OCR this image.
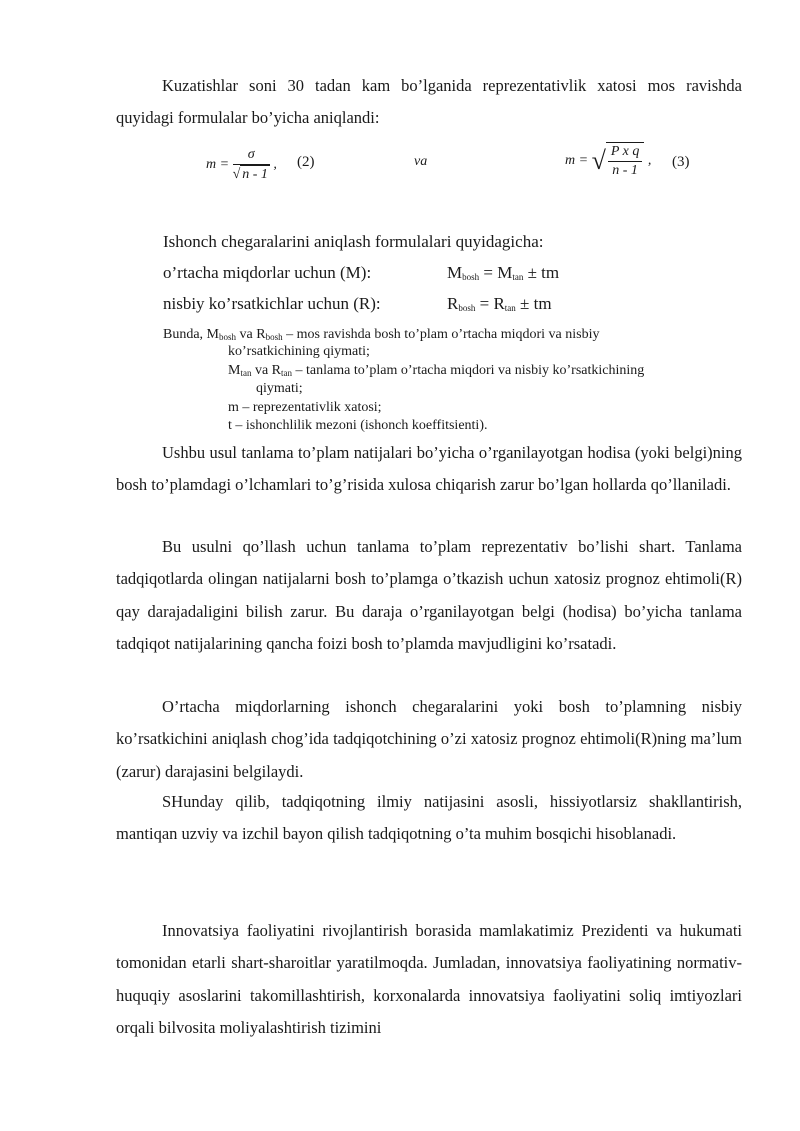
Kuzatishlar soni 30 tadan kam bo’lganida reprezentativlik xatosi mos ravishda quyidagi formulalar bo’yicha aniqlandi:

$m = \frac{\sigma}{√ n - 1}$ , (2)	va	m = √ $\frac{\text{P x q}}{n - 1}$ , (3)
Ishonch chegaralarini aniqlash formulalari quyidagicha:
o’rtacha miqdorlar uchun (M):	$M_{bosh} = M_{tan}$ ± tm
nisbiy ko’rsatkichlar uchun (R):	$R_{bosh} = R_{tan}$ ± tm

Bunda, $M_{bosh}$ va $R_{bosh}$ – mos ravishda bosh to’plam o’rtacha miqdori va nisbiy

ko’rsatkichining qiymati;

$M_{tan}$ va $R_{tan}$ – tanlama to’plam o’rtacha miqdori va nisbiy ko’rsatkichining

qiymati;

m – reprezentativlik xatosi;

t – ishonchlilik mezoni (ishonch koeffitsienti).

Ushbu usul tanlama to’plam natijalari bo’yicha o’rganilayotgan hodisa (yoki belgi)ning bosh to’plamdagi o’lchamlari to’g’risida xulosa chiqarish zarur bo’lgan hollarda qo’llaniladi.

Bu usulni qo’llash uchun tanlama to’plam reprezentativ bo’lishi shart. Tanlama tadqiqotlarda olingan natijalarni bosh to’plamga o’tkazish uchun xatosiz prognoz ehtimoli(R) qay darajadaligini bilish zarur. Bu daraja o’rganilayotgan belgi (hodisa) bo’yicha tanlama tadqiqot natijalarining qancha foizi bosh to’plamda mavjudligini ko’rsatadi.

O’rtacha miqdorlarning ishonch chegaralarini yoki bosh to’plamning nisbiy ko’rsatkichini aniqlash chog’ida tadqiqotchining o’zi xatosiz prognoz ehtimoli(R)ning ma’lum (zarur) darajasini belgilaydi.

SHunday qilib, tadqiqotning ilmiy natijasini asosli, hissiyotlarsiz shakllantirish, mantiqan uzviy va izchil bayon qilish tadqiqotning o’ta muhim bosqichi hisoblanadi.

Innovatsiya faoliyatini rivojlantirish borasida mamlakatimiz Prezidenti va hukumati tomonidan etarli shart-sharoitlar yaratilmoqda. Jumladan, innovatsiya faoliyatining normativ-huquqiy asoslarini takomillashtirish, korxonalarda innovatsiya faoliyatini soliq imtiyozlari orqali bilvosita moliyalashtirish tizimini
